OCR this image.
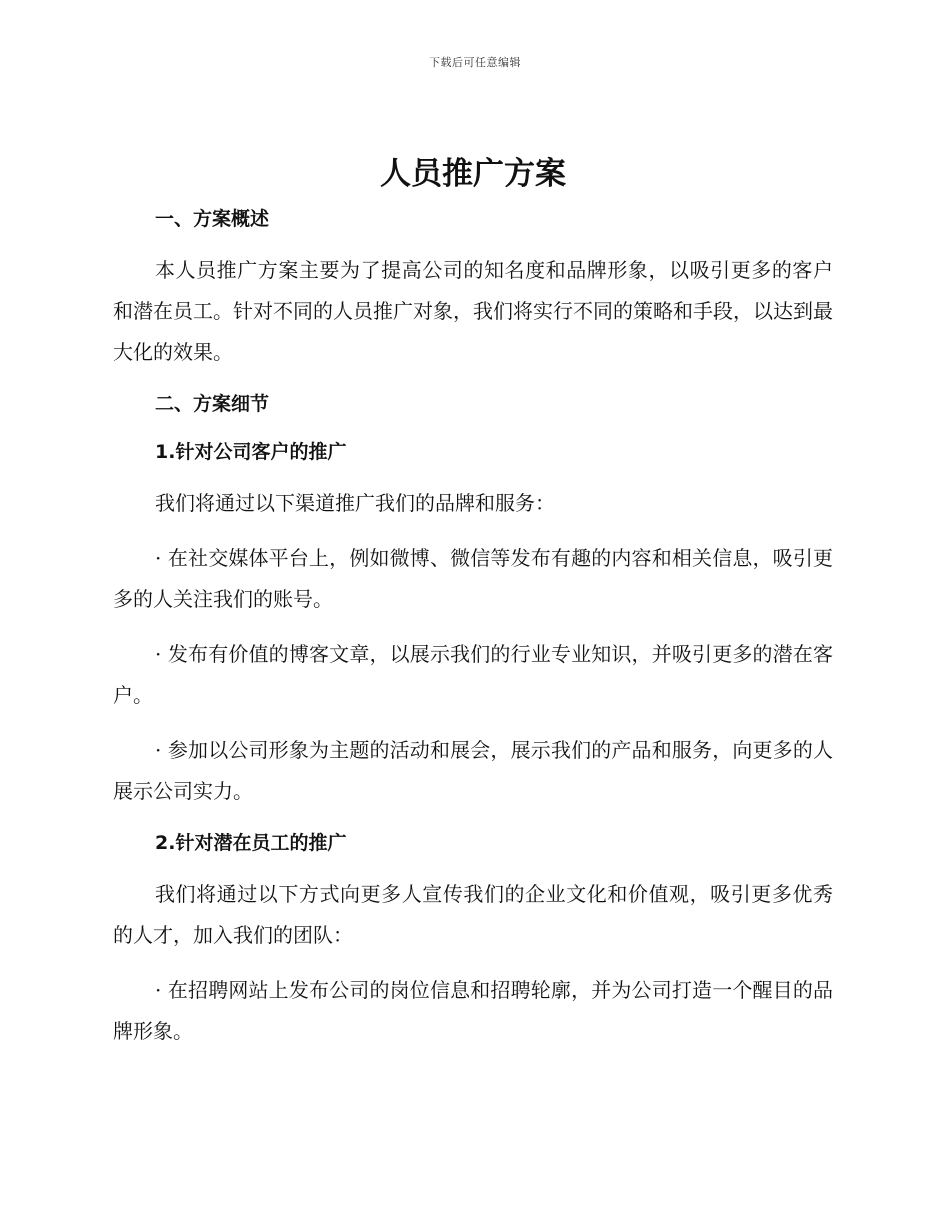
下载后可任意编辑
人员推广方案
一、方案概述

本人员推广方案主要为了提高公司的知名度和品牌形象，以吸引更多的客户和潜在员工。针对不同的人员推广对象，我们将实行不同的策略和手段，以达到最大化的效果。

二、方案细节
1.针对公司客户的推广

我们将通过以下渠道推广我们的品牌和服务：

· 在社交媒体平台上，例如微博、微信等发布有趣的内容和相关信息，吸引更多的人关注我们的账号。

· 发布有价值的博客文章，以展示我们的行业专业知识，并吸引更多的潜在客户。

· 参加以公司形象为主题的活动和展会，展示我们的产品和服务，向更多的人展示公司实力。

2.针对潜在员工的推广

我们将通过以下方式向更多人宣传我们的企业文化和价值观，吸引更多优秀的人才，加入我们的团队：

· 在招聘网站上发布公司的岗位信息和招聘轮廓，并为公司打造一个醒目的品牌形象。
